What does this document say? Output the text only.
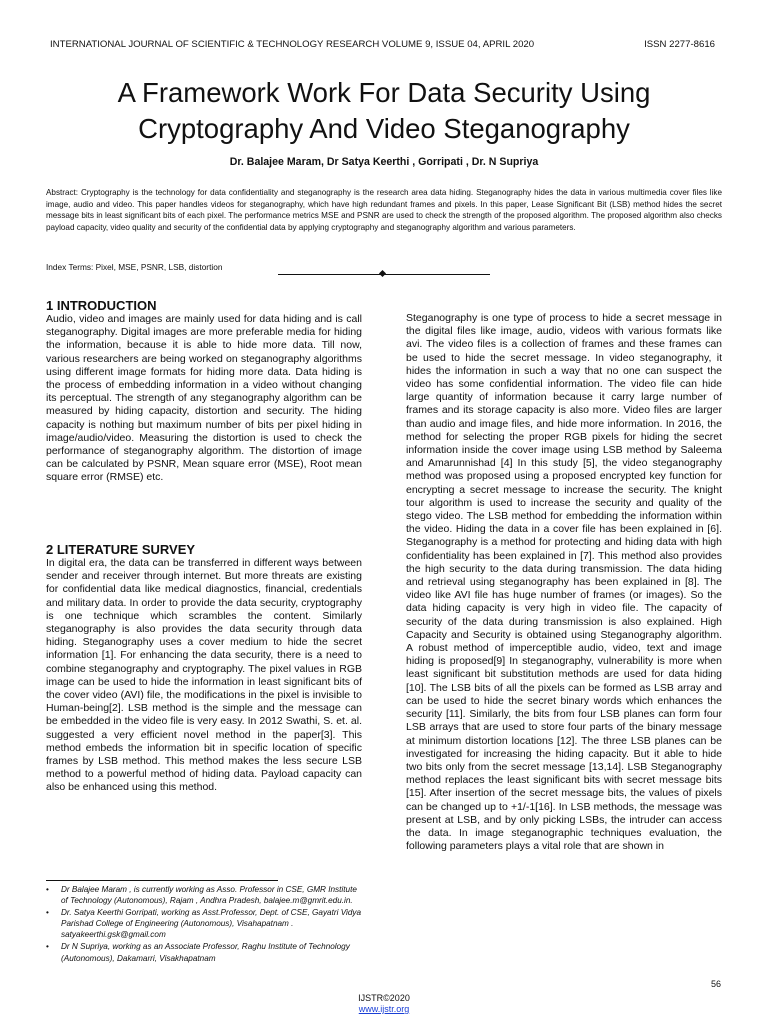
INTERNATIONAL JOURNAL OF SCIENTIFIC & TECHNOLOGY RESEARCH VOLUME 9, ISSUE 04, APRIL 2020	ISSN 2277-8616
A Framework Work For Data Security Using
Cryptography And Video Steganography
Dr. Balajee Maram, Dr Satya Keerthi , Gorripati , Dr. N Supriya

Abstract: Cryptography is the technology for data confidentiality and steganography is the research area data hiding. Steganography hides the data in various multimedia cover files like image, audio and video. This paper handles videos for steganography, which have high redundant frames and pixels. In this paper, Lease Significant Bit (LSB) method hides the secret message bits in least significant bits of each pixel. The performance metrics MSE and PSNR are used to check the strength of the proposed algorithm. The proposed algorithm also checks payload capacity, video quality and security of the confidential data by applying cryptography and steganography algorithm and various parameters.

Index Terms: Pixel, MSE, PSNR, LSB, distortion
1 INTRODUCTION

Audio, video and images are mainly used for data hiding and is call steganography. Digital images are more preferable media for hiding the information, because it is able to hide more data. Till now, various researchers are being worked on steganography algorithms using different image formats for hiding more data. Data hiding is the process of embedding information in a video without changing its perceptual. The strength of any steganography algorithm can be measured by hiding capacity, distortion and security. The hiding capacity is nothing but maximum number of bits per pixel hiding in image/audio/video. Measuring the distortion is used to check the performance of steganography algorithm. The distortion of image can be calculated by PSNR, Mean square error (MSE), Root mean square error (RMSE) etc.

2 LITERATURE SURVEY

In digital era, the data can be transferred in different ways between sender and receiver through internet. But more threats are existing for confidential data like medical diagnostics, financial, credentials and military data. In order to provide the data security, cryptography is one technique which scrambles the content. Similarly steganography is also provides the data security through data hiding. Steganography uses a cover medium to hide the secret information [1]. For enhancing the data security, there is a need to combine steganography and cryptography. The pixel values in RGB image can be used to hide the information in least significant bits of the cover video (AVI) file, the modifications in the pixel is invisible to Human-being[2]. LSB method is the simple and the message can be embedded in the video file is very easy. In 2012 Swathi, S. et. al. suggested a very efficient novel method in the paper[3]. This method embeds the information bit in specific location of specific frames by LSB method. This method makes the less secure LSB method to a powerful method of hiding data. Payload capacity can also be enhanced using this method.

Steganography is one type of process to hide a secret message in the digital files like image, audio, videos with various formats like avi. The video files is a collection of frames and these frames can be used to hide the secret message. In video steganography, it hides the information in such a way that no one can suspect the video has some confidential information. The video file can hide large quantity of information because it carry large number of frames and its storage capacity is also more. Video files are larger than audio and image files, and hide more information. In 2016, the method for selecting the proper RGB pixels for hiding the secret information inside the cover image using LSB method by Saleema and Amarunnishad [4] In this study [5], the video steganography method was proposed using a proposed encrypted key function for encrypting a secret message to increase the security. The knight tour algorithm is used to increase the security and quality of the stego video. The LSB method for embedding the information within the video. Hiding the data in a cover file has been explained in [6]. Steganography is a method for protecting and hiding data with high confidentiality has been explained in [7]. This method also provides the high security to the data during transmission. The data hiding and retrieval using steganography has been explained in [8]. The video like AVI file has huge number of frames (or images). So the data hiding capacity is very high in video file. The capacity of security of the data during transmission is also explained. High Capacity and Security is obtained using Steganography algorithm. A robust method of imperceptible audio, video, text and image hiding is proposed[9] In steganography, vulnerability is more when least significant bit substitution methods are used for data hiding [10]. The LSB bits of all the pixels can be formed as LSB array and can be used to hide the secret binary words which enhances the security [11]. Similarly, the bits from four LSB planes can form four LSB arrays that are used to store four parts of the binary message at minimum distortion locations [12]. The three LSB planes can be investigated for increasing the hiding capacity. But it able to hide two bits only from the secret message [13,14]. LSB Steganography method replaces the least significant bits with secret message bits [15]. After insertion of the secret message bits, the values of pixels can be changed up to +1/-1[16]. In LSB methods, the message was present at LSB, and by only picking LSBs, the intruder can access the data. In image steganographic techniques evaluation, the following parameters plays a vital role that are shown in

• Dr Balajee Maram , is currently working as Asso. Professor in CSE, GMR Institute of Technology (Autonomous), Rajam , Andhra Pradesh, balajee.m@gmrit.edu.in.
• Dr. Satya Keerthi Gorripati, working as Asst.Professor, Dept. of CSE, Gayatri Vidya Parishad College of Engineering (Autonomous), Visahapatnam . satyakeerthi.gsk@gmail.com
• Dr N Supriya, working as an Associate Professor, Raghu Institute of Technology (Autonomous), Dakamarri, Visakhapatnam
56
IJSTR©2020
www.ijstr.org
